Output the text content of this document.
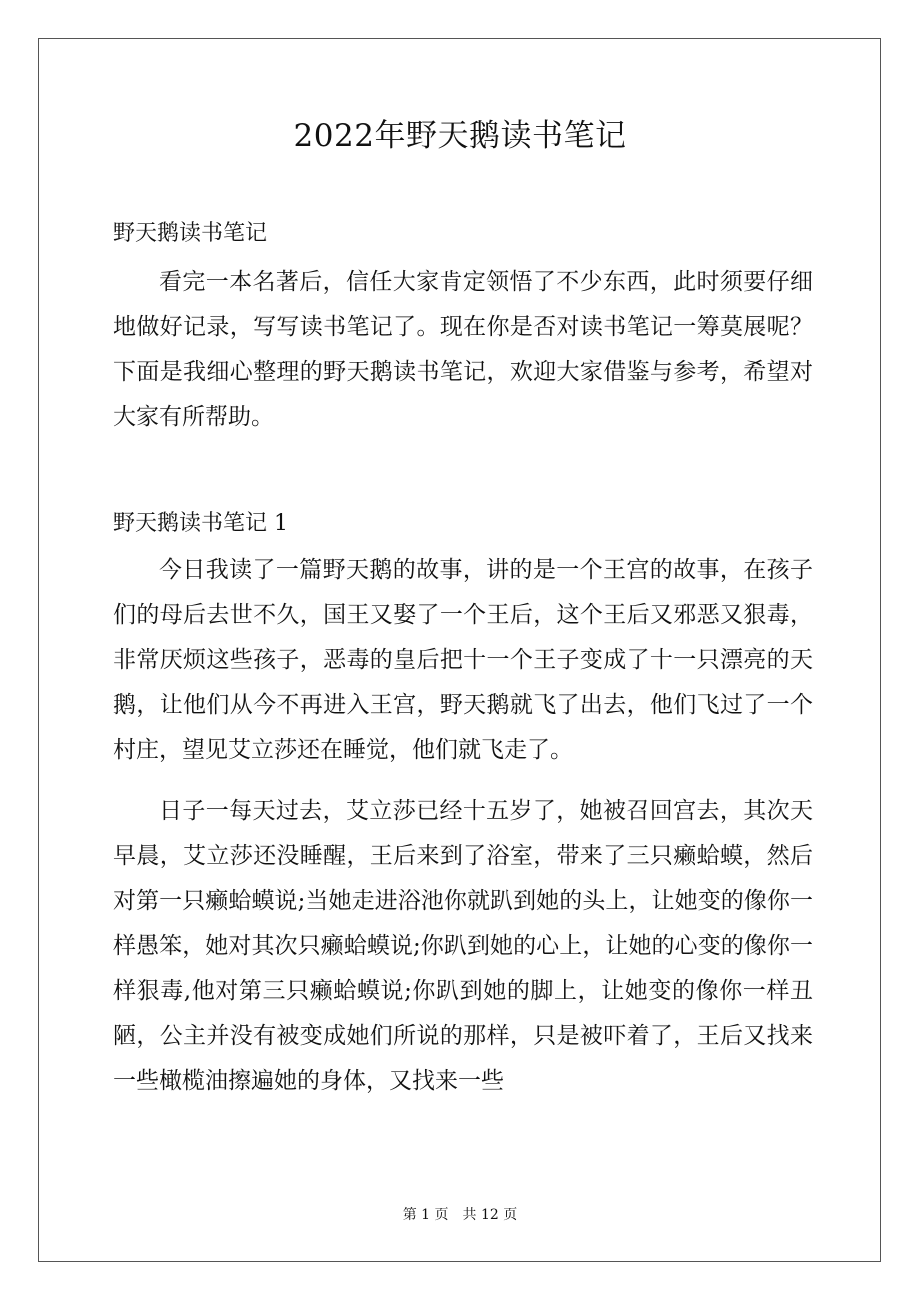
2022年野天鹅读书笔记
野天鹅读书笔记

看完一本名著后，信任大家肯定领悟了不少东西，此时须要仔细地做好记录，写写读书笔记了。现在你是否对读书笔记一筹莫展呢？下面是我细心整理的野天鹅读书笔记，欢迎大家借鉴与参考，希望对大家有所帮助。

野天鹅读书笔记 1

今日我读了一篇野天鹅的故事，讲的是一个王宫的故事，在孩子们的母后去世不久，国王又娶了一个王后，这个王后又邪恶又狠毒，非常厌烦这些孩子，恶毒的皇后把十一个王子变成了十一只漂亮的天鹅，让他们从今不再进入王宫，野天鹅就飞了出去，他们飞过了一个村庄，望见艾立莎还在睡觉，他们就飞走了。

日子一每天过去，艾立莎已经十五岁了，她被召回宫去，其次天早晨，艾立莎还没睡醒，王后来到了浴室，带来了三只癞蛤蟆，然后对第一只癞蛤蟆说;当她走进浴池你就趴到她的头上，让她变的像你一样愚笨，她对其次只癞蛤蟆说;你趴到她的心上，让她的心变的像你一样狠毒,他对第三只癞蛤蟆说;你趴到她的脚上，让她变的像你一样丑陋，公主并没有被变成她们所说的那样，只是被吓着了，王后又找来一些橄榄油擦遍她的身体，又找来一些

第 1 页 共 12 页
